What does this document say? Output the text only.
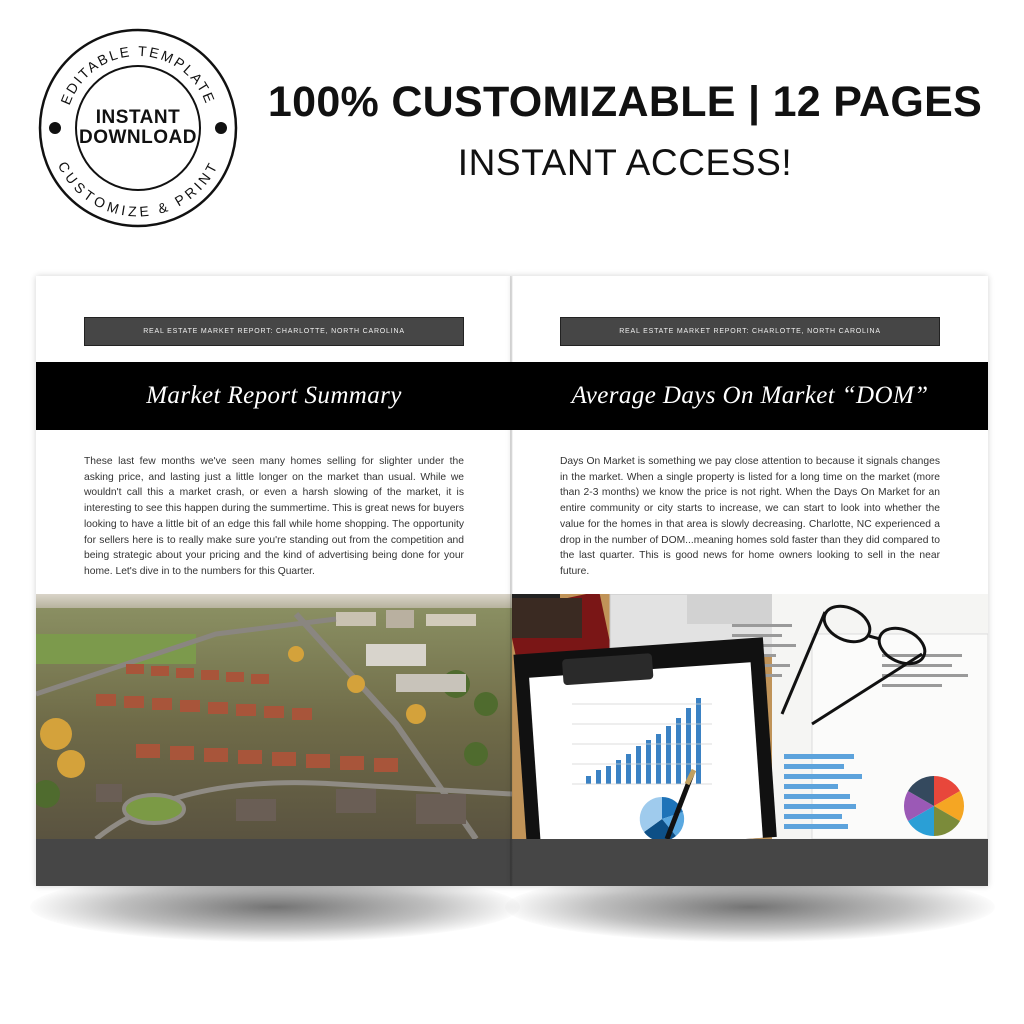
EDITABLE TEMPLATE
CUSTOMIZE & PRINT
INSTANT
DOWNLOAD
100% CUSTOMIZABLE | 12 PAGES
INSTANT ACCESS!
REAL ESTATE MARKET REPORT: CHARLOTTE, NORTH CAROLINA
Market Report Summary
These last few months we've seen many homes selling for slighter under the asking price, and lasting just a little longer on the market than usual. While we wouldn't call this a market crash, or even a harsh slowing of the market, it is interesting to see this happen during the summertime. This is great news for buyers looking to have a little bit of an edge this fall while home shopping. The opportunity for sellers here is to really make sure you're standing out from the competition and being strategic about your pricing and the kind of advertising being done for your home. Let's dive in to the numbers for this Quarter.
REAL ESTATE MARKET REPORT: CHARLOTTE, NORTH CAROLINA
Average Days On Market “DOM”
Days On Market is something we pay close attention to because it signals changes in the market. When a single property is listed for a long time on the market (more than 2-3 months) we know the price is not right. When the Days On Market for an entire community or city starts to increase, we can start to look into whether the value for the homes in that area is slowly decreasing. Charlotte, NC experienced a drop in the number of DOM...meaning homes sold faster than they did compared to the last quarter. This is good news for home owners looking to sell in the near future.
